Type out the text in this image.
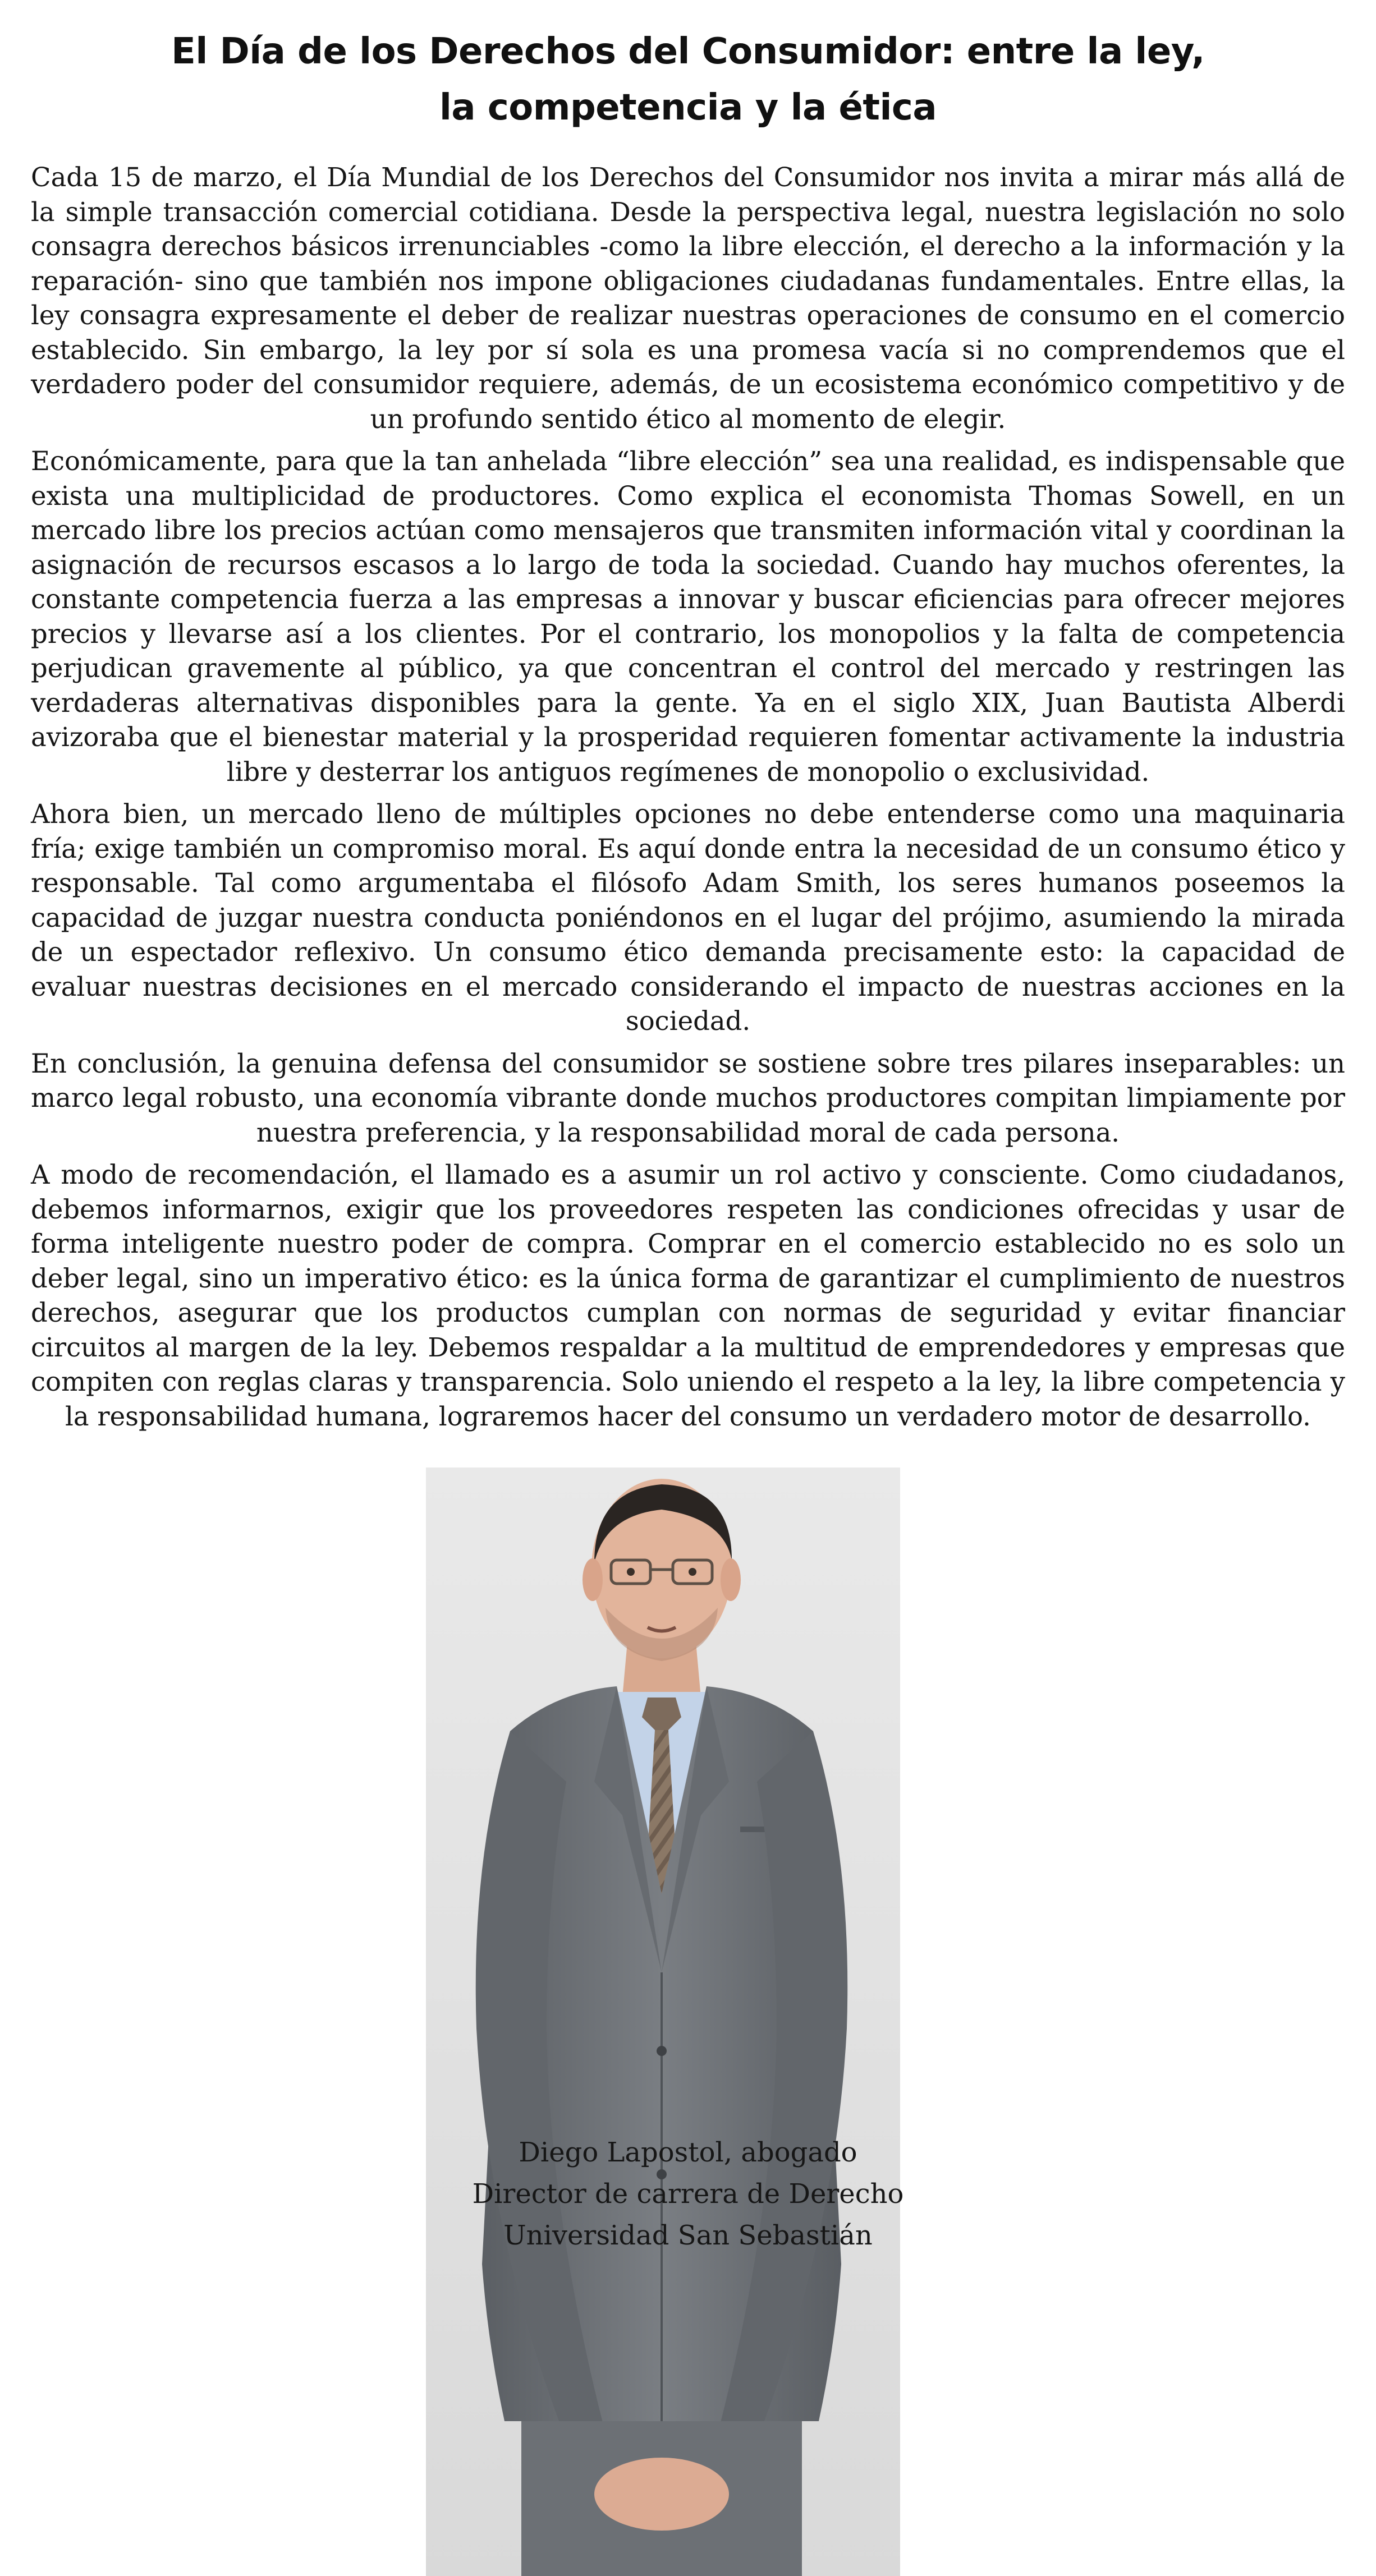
El Día de los Derechos del Consumidor: entre la ley,
la competencia y la ética

Cada 15 de marzo, el Día Mundial de los Derechos del Consumidor nos invita a mirar más allá de la simple transacción comercial cotidiana. Desde la perspectiva legal, nuestra legislación no solo consagra derechos básicos irrenunciables -como la libre elección, el derecho a la información y la reparación- sino que también nos impone obligaciones ciudadanas fundamentales. Entre ellas, la ley consagra expresamente el deber de realizar nuestras operaciones de consumo en el comercio establecido. Sin embargo, la ley por sí sola es una promesa vacía si no comprendemos que el verdadero poder del consumidor requiere, además, de un ecosistema económico competitivo y de un profundo sentido ético al momento de elegir.

Económicamente, para que la tan anhelada “libre elección” sea una realidad, es indispensable que exista una multiplicidad de productores. Como explica el economista Thomas Sowell, en un mercado libre los precios actúan como mensajeros que transmiten información vital y coordinan la asignación de recursos escasos a lo largo de toda la sociedad. Cuando hay muchos oferentes, la constante competencia fuerza a las empresas a innovar y buscar eficiencias para ofrecer mejores precios y llevarse así a los clientes. Por el contrario, los monopolios y la falta de competencia perjudican gravemente al público, ya que concentran el control del mercado y restringen las verdaderas alternativas disponibles para la gente. Ya en el siglo XIX, Juan Bautista Alberdi avizoraba que el bienestar material y la prosperidad requieren fomentar activamente la industria libre y desterrar los antiguos regímenes de monopolio o exclusividad.

Ahora bien, un mercado lleno de múltiples opciones no debe entenderse como una maquinaria fría; exige también un compromiso moral. Es aquí donde entra la necesidad de un consumo ético y responsable. Tal como argumentaba el filósofo Adam Smith, los seres humanos poseemos la capacidad de juzgar nuestra conducta poniéndonos en el lugar del prójimo, asumiendo la mirada de un espectador reflexivo. Un consumo ético demanda precisamente esto: la capacidad de evaluar nuestras decisiones en el mercado considerando el impacto de nuestras acciones en la sociedad.

En conclusión, la genuina defensa del consumidor se sostiene sobre tres pilares inseparables: un marco legal robusto, una economía vibrante donde muchos productores compitan limpiamente por nuestra preferencia, y la responsabilidad moral de cada persona.

A modo de recomendación, el llamado es a asumir un rol activo y consciente. Como ciudadanos, debemos informarnos, exigir que los proveedores respeten las condiciones ofrecidas y usar de forma inteligente nuestro poder de compra. Comprar en el comercio establecido no es solo un deber legal, sino un imperativo ético: es la única forma de garantizar el cumplimiento de nuestros derechos, asegurar que los productos cumplan con normas de seguridad y evitar financiar circuitos al margen de la ley. Debemos respaldar a la multitud de emprendedores y empresas que compiten con reglas claras y transparencia. Solo uniendo el respeto a la ley, la libre competencia y la responsabilidad humana, lograremos hacer del consumo un verdadero motor de desarrollo.

Diego Lapostol, abogado
Director de carrera de Derecho
Universidad San Sebastián
